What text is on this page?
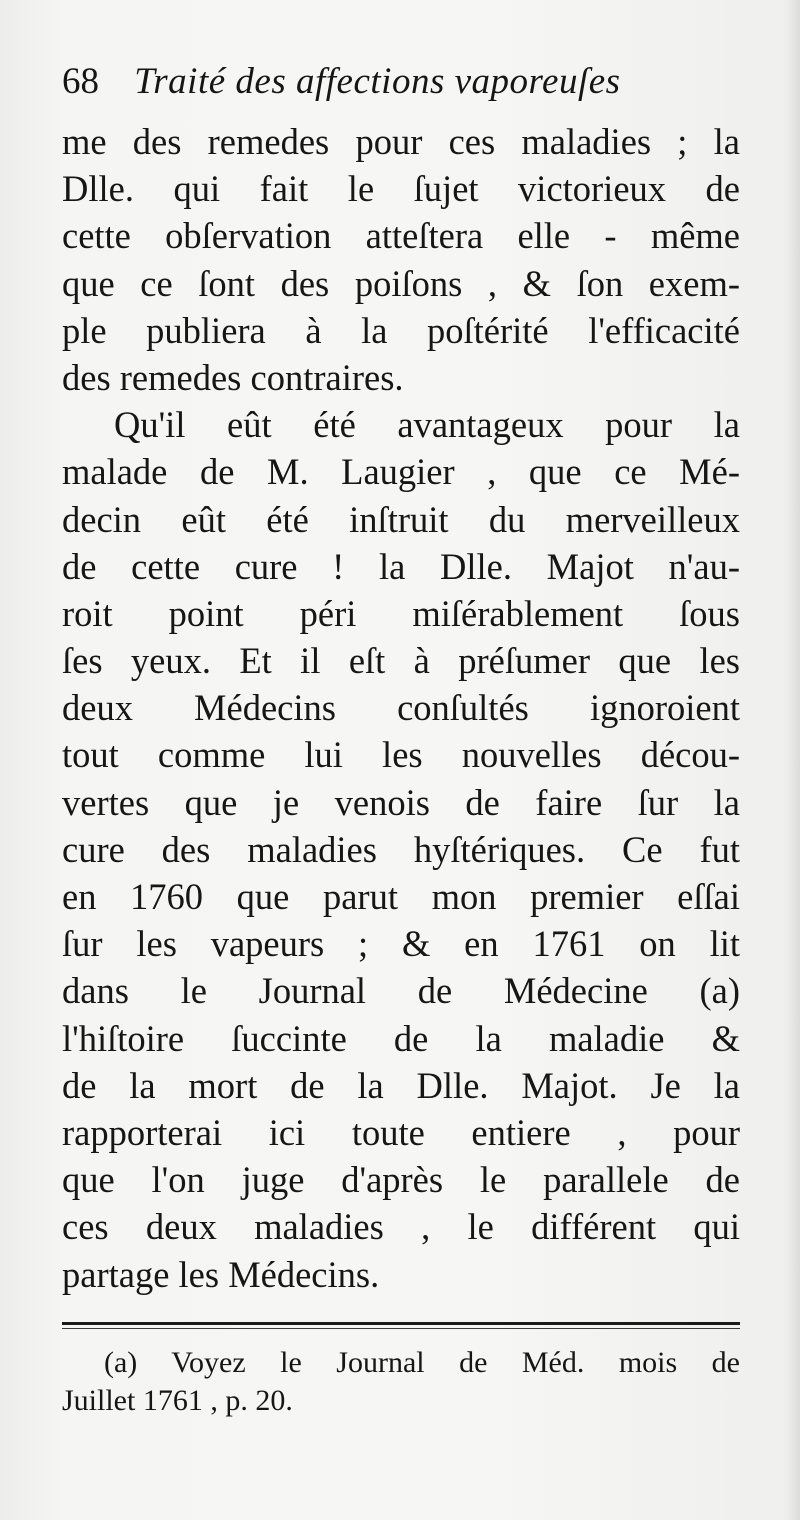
68 Traité des affections vaporeuſes
me des remedes pour ces maladies ; la
Dlle. qui fait le ſujet victorieux de
cette obſervation atteſtera elle - même
que ce ſont des poiſons , & ſon exem-
ple publiera à la poſtérité l'efficacité
des remedes contraires.
Qu'il eût été avantageux pour la
malade de M. Laugier , que ce Mé-
decin eût été inſtruit du merveilleux
de cette cure ! la Dlle. Majot n'au-
roit point péri miſérablement ſous
ſes yeux. Et il eſt à préſumer que les
deux Médecins conſultés ignoroient
tout comme lui les nouvelles décou-
vertes que je venois de faire ſur la
cure des maladies hyſtériques. Ce fut
en 1760 que parut mon premier eſſai
ſur les vapeurs ; & en 1761 on lit
dans le Journal de Médecine (a)
l'hiſtoire ſuccinte de la maladie &
de la mort de la Dlle. Majot. Je la
rapporterai ici toute entiere , pour
que l'on juge d'après le parallele de
ces deux maladies , le différent qui
partage les Médecins.
(a) Voyez le Journal de Méd. mois de
Juillet 1761 , p. 20.
